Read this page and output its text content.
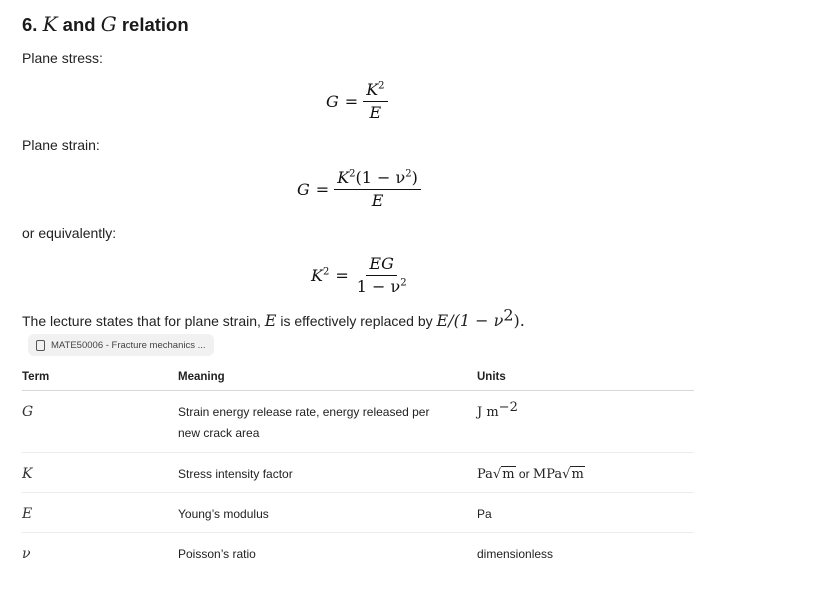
6. K and G relation
Plane stress:
$G = \frac{K^2}{E}$
Plane strain:
$G = \frac{K^2(1 - \nu^2)}{E}$
or equivalently:
$K^2 = \frac{EG}{1 - \nu^2}$
The lecture states that for plane strain, E is effectively replaced by $E/(1 - \nu^2)$.
MATE50006 - Fracture mechanics ...
Term	Meaning	Units

G	Strain energy release rate, energy released per new crack area	J $m^{-2}$

K	Stress intensity factor	Pa√m or MPa√m

E	Young’s modulus	Pa

ν	Poisson’s ratio	dimensionless
